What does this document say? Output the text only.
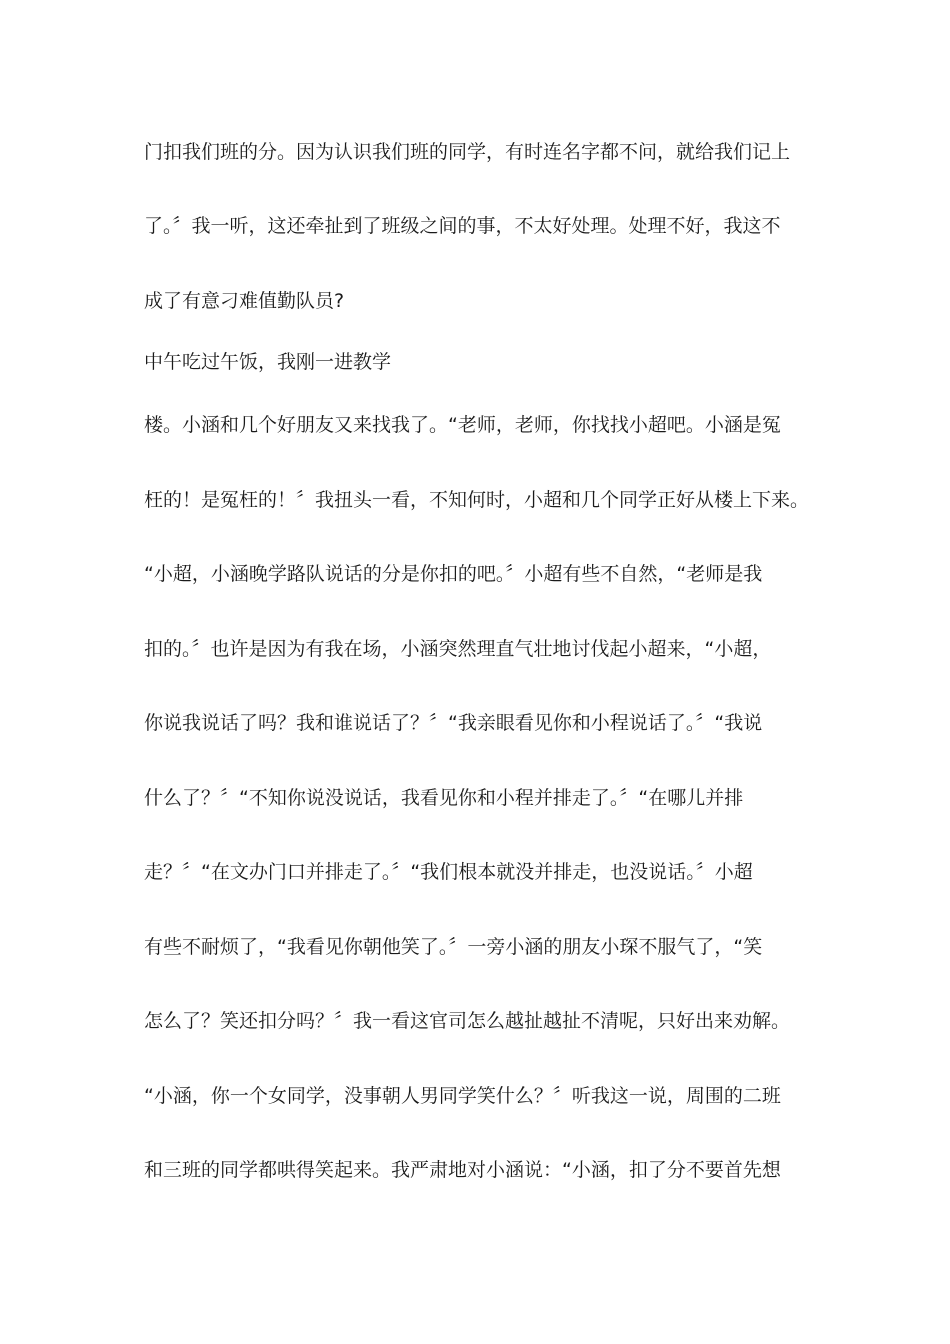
门扣我们班的分。因为认识我们班的同学，有时连名字都不问，就给我们记上

了。〞我一听，这还牵扯到了班级之间的事，不太好处理。处理不好，我这不

成了有意刁难值勤队员?

中午吃过午饭，我刚一进教学

楼。小涵和几个好朋友又来找我了。“老师，老师，你找找小超吧。小涵是冤

枉的！是冤枉的！〞我扭头一看，不知何时，小超和几个同学正好从楼上下来。

“小超，小涵晚学路队说话的分是你扣的吧。〞小超有些不自然，“老师是我

扣的。〞也许是因为有我在场，小涵突然理直气壮地讨伐起小超来，“小超，

你说我说话了吗？我和谁说话了？〞“我亲眼看见你和小程说话了。〞“我说

什么了？〞“不知你说没说话，我看见你和小程并排走了。〞“在哪儿并排

走？〞“在文办门口并排走了。〞“我们根本就没并排走，也没说话。〞小超

有些不耐烦了，“我看见你朝他笑了。〞一旁小涵的朋友小琛不服气了，“笑

怎么了？笑还扣分吗？〞我一看这官司怎么越扯越扯不清呢，只好出来劝解。

“小涵，你一个女同学，没事朝人男同学笑什么？〞听我这一说，周围的二班

和三班的同学都哄得笑起来。我严肃地对小涵说：“小涵，扣了分不要首先想
